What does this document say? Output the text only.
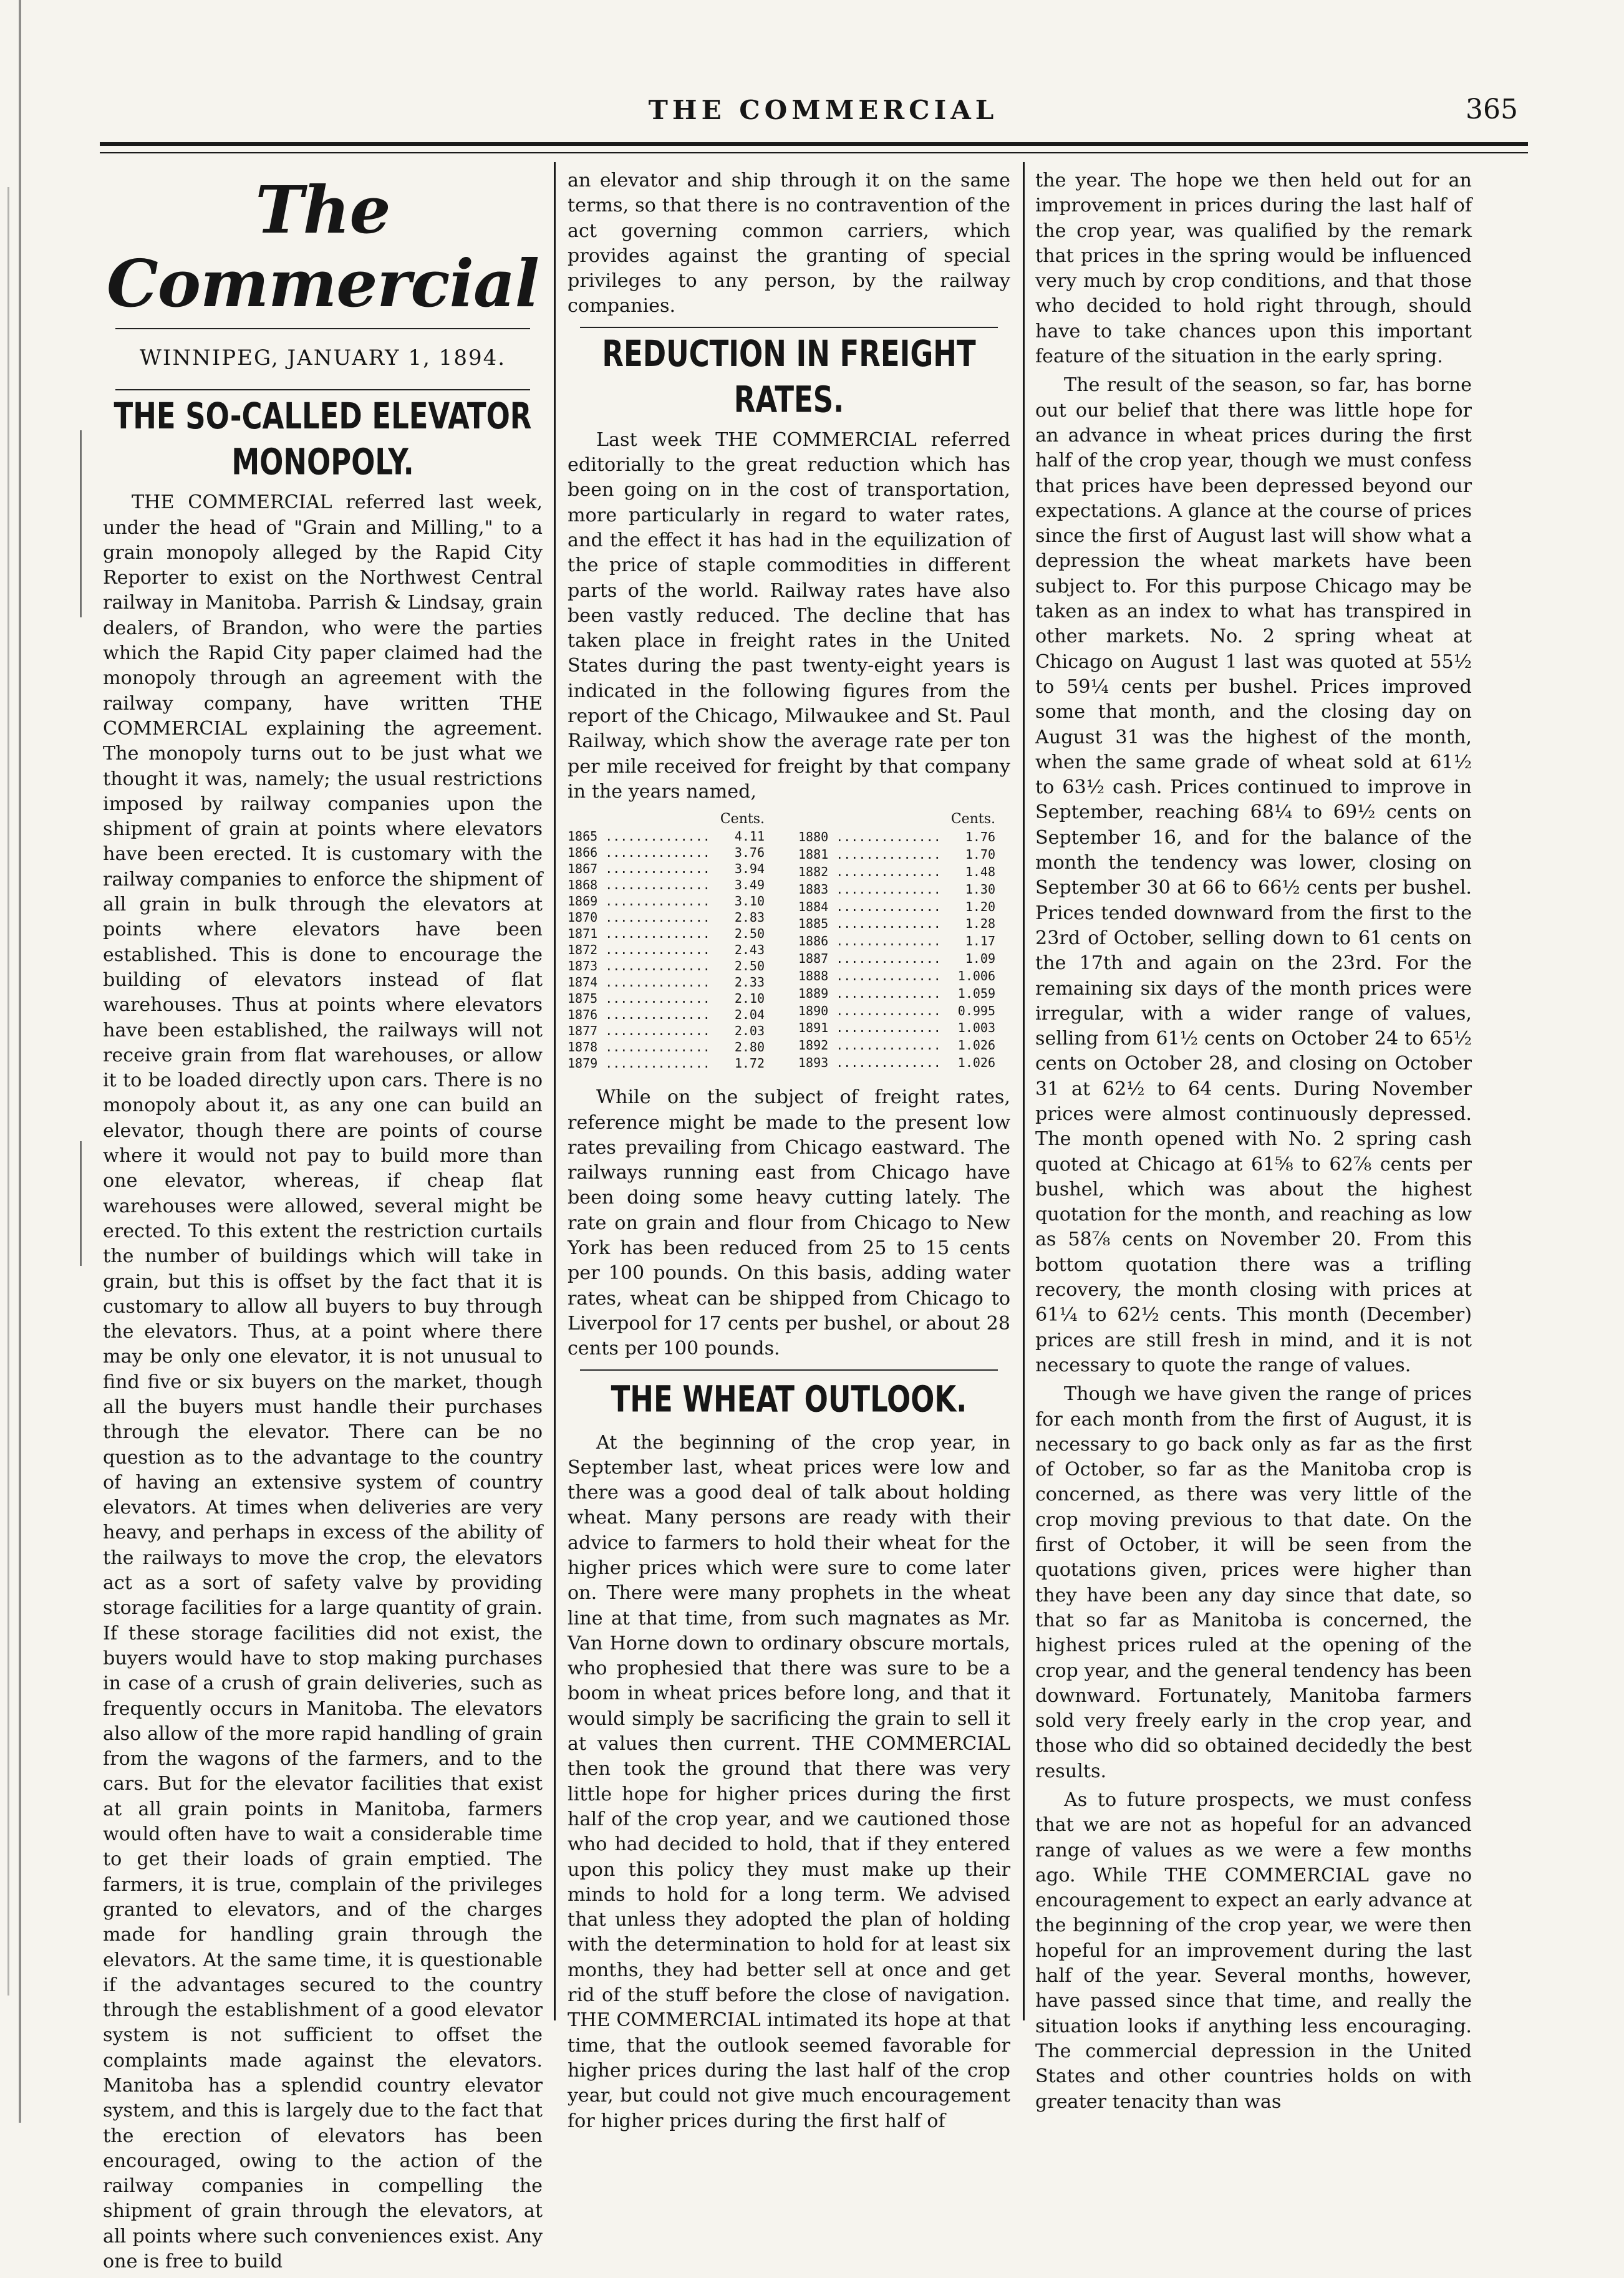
THE COMMERCIAL	365
The Commercial
WINNIPEG, JANUARY 1, 1894.
THE SO-CALLED ELEVATOR MONOPOLY.

THE COMMERCIAL referred last week, under the head of "Grain and Milling," to a grain monopoly alleged by the Rapid City Reporter to exist on the Northwest Central railway in Manitoba. Parrish & Lindsay, grain dealers, of Brandon, who were the parties which the Rapid City paper claimed had the monopoly through an agreement with the railway company, have written THE COMMERCIAL explaining the agreement. The monopoly turns out to be just what we thought it was, namely; the usual restrictions imposed by railway companies upon the shipment of grain at points where elevators have been erected. It is customary with the railway companies to enforce the shipment of all grain in bulk through the elevators at points where elevators have been established. This is done to encourage the building of elevators instead of flat warehouses. Thus at points where elevators have been established, the railways will not receive grain from flat warehouses, or allow it to be loaded directly upon cars. There is no monopoly about it, as any one can build an elevator, though there are points of course where it would not pay to build more than one elevator, whereas, if cheap flat warehouses were allowed, several might be erected. To this extent the restriction curtails the number of buildings which will take in grain, but this is offset by the fact that it is customary to allow all buyers to buy through the elevators. Thus, at a point where there may be only one elevator, it is not unusual to find five or six buyers on the market, though all the buyers must handle their purchases through the elevator. There can be no question as to the advantage to the country of having an extensive system of country elevators. At times when deliveries are very heavy, and perhaps in excess of the ability of the railways to move the crop, the elevators act as a sort of safety valve by providing storage facilities for a large quantity of grain. If these storage facilities did not exist, the buyers would have to stop making purchases in case of a crush of grain deliveries, such as frequently occurs in Manitoba. The elevators also allow of the more rapid handling of grain from the wagons of the farmers, and to the cars. But for the elevator facilities that exist at all grain points in Manitoba, farmers would often have to wait a considerable time to get their loads of grain emptied. The farmers, it is true, complain of the privileges granted to elevators, and of the charges made for handling grain through the elevators. At the same time, it is questionable if the advantages secured to the country through the establishment of a good elevator system is not sufficient to offset the complaints made against the elevators. Manitoba has a splendid country elevator system, and this is largely due to the fact that the erection of elevators has been encouraged, owing to the action of the railway companies in compelling the shipment of grain through the elevators, at all points where such conveniences exist. Any one is free to build

an elevator and ship through it on the same terms, so that there is no contravention of the act governing common carriers, which provides against the granting of special privileges to any person, by the railway companies.

REDUCTION IN FREIGHT RATES.

Last week THE COMMERCIAL referred editorially to the great reduction which has been going on in the cost of transportation, more particularly in regard to water rates, and the effect it has had in the equilization of the price of staple commodities in different parts of the world. Railway rates have also been vastly reduced. The decline that has taken place in freight rates in the United States during the past twenty-eight years is indicated in the following figures from the report of the Chicago, Milwaukee and St. Paul Railway, which show the average rate per ton per mile received for freight by that company in the years named,

	Cents.
1865 ..............	4.11
1866 ..............	3.76
1867 ..............	3.94
1868 ..............	3.49
1869 ..............	3.10
1870 ..............	2.83
1871 ..............	2.50
1872 ..............	2.43
1873 ..............	2.50
1874 ..............	2.33
1875 ..............	2.10
1876 ..............	2.04
1877 ..............	2.03
1878 ..............	2.80
1879 ..............	1.72
	Cents.
1880 ..............	1.76
1881 ..............	1.70
1882 ..............	1.48
1883 ..............	1.30
1884 ..............	1.20
1885 ..............	1.28
1886 ..............	1.17
1887 ..............	1.09
1888 ..............	1.006
1889 ..............	1.059
1890 ..............	0.995
1891 ..............	1.003
1892 ..............	1.026
1893 ..............	1.026

While on the subject of freight rates, reference might be made to the present low rates prevailing from Chicago eastward. The railways running east from Chicago have been doing some heavy cutting lately. The rate on grain and flour from Chicago to New York has been reduced from 25 to 15 cents per 100 pounds. On this basis, adding water rates, wheat can be shipped from Chicago to Liverpool for 17 cents per bushel, or about 28 cents per 100 pounds.

THE WHEAT OUTLOOK.

At the beginning of the crop year, in September last, wheat prices were low and there was a good deal of talk about holding wheat. Many persons are ready with their advice to farmers to hold their wheat for the higher prices which were sure to come later on. There were many prophets in the wheat line at that time, from such magnates as Mr. Van Horne down to ordinary obscure mortals, who prophesied that there was sure to be a boom in wheat prices before long, and that it would simply be sacrificing the grain to sell it at values then current. THE COMMERCIAL then took the ground that there was very little hope for higher prices during the first half of the crop year, and we cautioned those who had decided to hold, that if they entered upon this policy they must make up their minds to hold for a long term. We advised that unless they adopted the plan of holding with the determination to hold for at least six months, they had better sell at once and get rid of the stuff before the close of navigation. THE COMMERCIAL intimated its hope at that time, that the outlook seemed favorable for higher prices during the last half of the crop year, but could not give much encouragement for higher prices during the first half of

the year. The hope we then held out for an improvement in prices during the last half of the crop year, was qualified by the remark that prices in the spring would be influenced very much by crop conditions, and that those who decided to hold right through, should have to take chances upon this important feature of the situation in the early spring.

The result of the season, so far, has borne out our belief that there was little hope for an advance in wheat prices during the first half of the crop year, though we must confess that prices have been depressed beyond our expectations. A glance at the course of prices since the first of August last will show what a depression the wheat markets have been subject to. For this purpose Chicago may be taken as an index to what has transpired in other markets. No. 2 spring wheat at Chicago on August 1 last was quoted at 55½ to 59¼ cents per bushel. Prices improved some that month, and the closing day on August 31 was the highest of the month, when the same grade of wheat sold at 61½ to 63½ cash. Prices continued to improve in September, reaching 68¼ to 69½ cents on September 16, and for the balance of the month the tendency was lower, closing on September 30 at 66 to 66½ cents per bushel. Prices tended downward from the first to the 23rd of October, selling down to 61 cents on the 17th and again on the 23rd. For the remaining six days of the month prices were irregular, with a wider range of values, selling from 61½ cents on October 24 to 65½ cents on October 28, and closing on October 31 at 62½ to 64 cents. During November prices were almost continuously depressed. The month opened with No. 2 spring cash quoted at Chicago at 61⅝ to 62⅞ cents per bushel, which was about the highest quotation for the month, and reaching as low as 58⅞ cents on November 20. From this bottom quotation there was a trifling recovery, the month closing with prices at 61¼ to 62½ cents. This month (December) prices are still fresh in mind, and it is not necessary to quote the range of values.

Though we have given the range of prices for each month from the first of August, it is necessary to go back only as far as the first of October, so far as the Manitoba crop is concerned, as there was very little of the crop moving previous to that date. On the first of October, it will be seen from the quotations given, prices were higher than they have been any day since that date, so that so far as Manitoba is concerned, the highest prices ruled at the opening of the crop year, and the general tendency has been downward. Fortunately, Manitoba farmers sold very freely early in the crop year, and those who did so obtained decidedly the best results.

As to future prospects, we must confess that we are not as hopeful for an advanced range of values as we were a few months ago. While THE COMMERCIAL gave no encouragement to expect an early advance at the beginning of the crop year, we were then hopeful for an improvement during the last half of the year. Several months, however, have passed since that time, and really the situation looks if anything less encouraging. The commercial depression in the United States and other countries holds on with greater tenacity than was
